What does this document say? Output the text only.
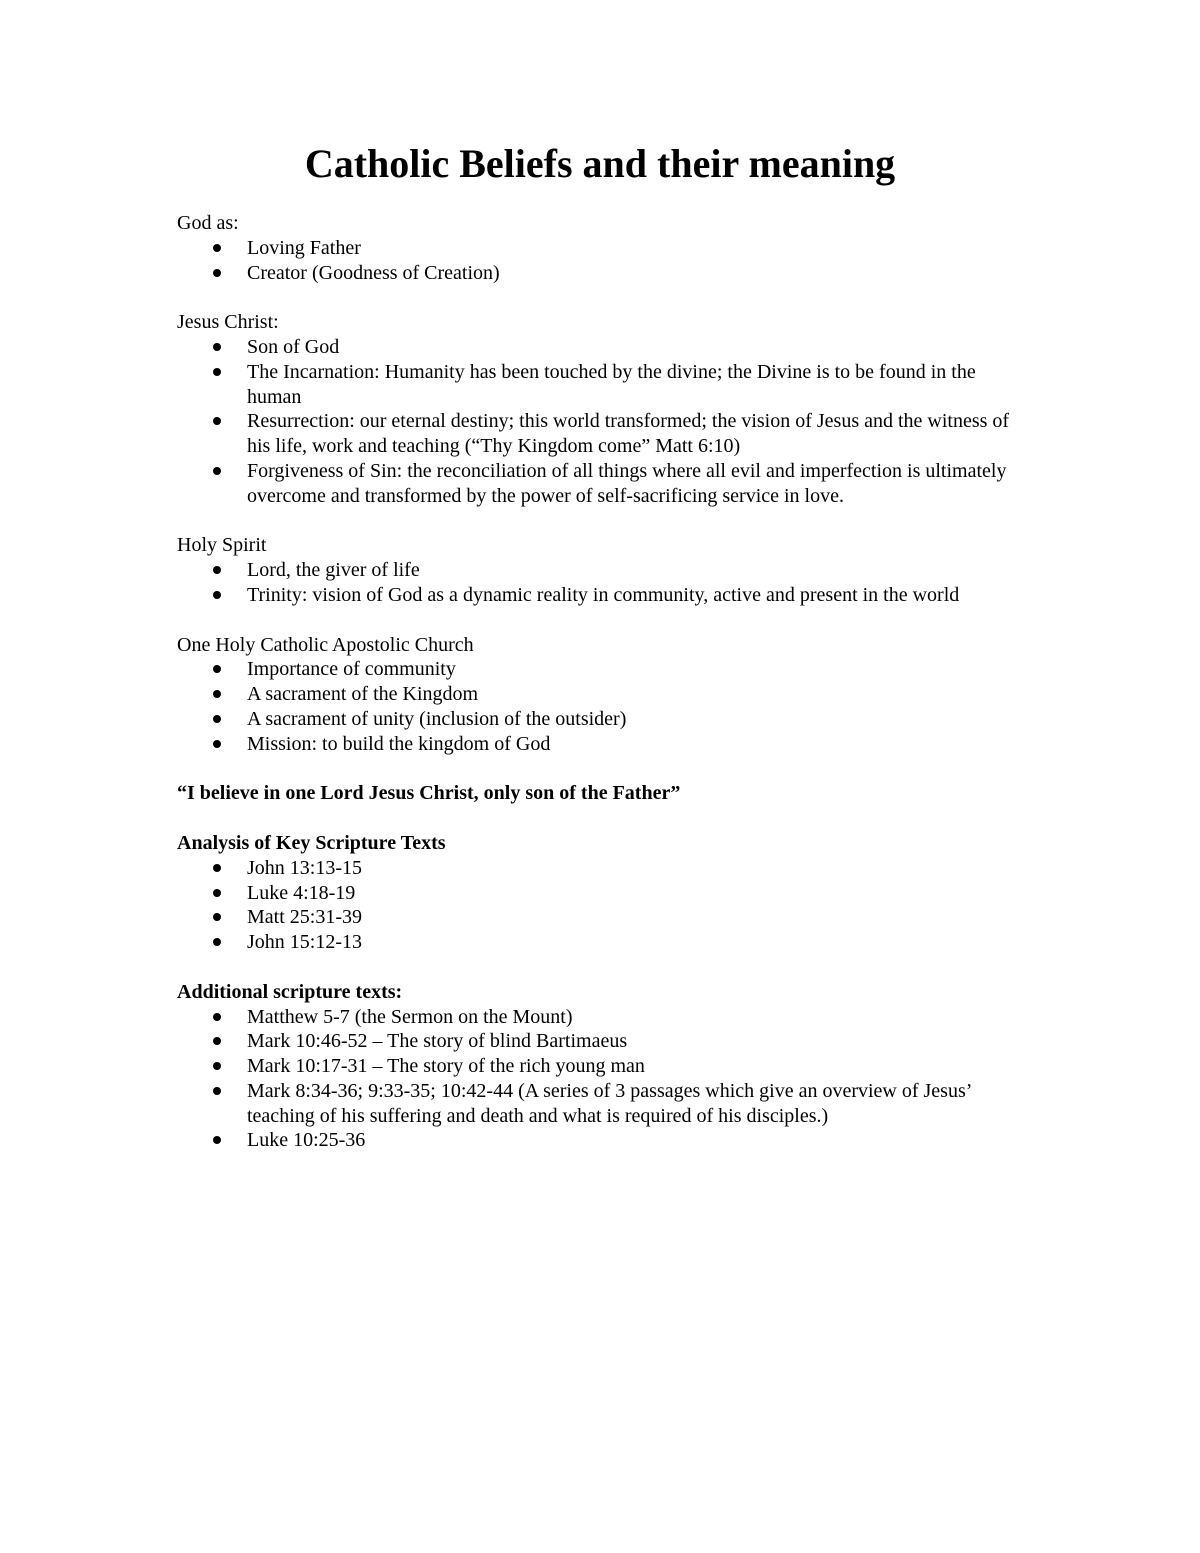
Catholic Beliefs and their meaning

God as:

Loving Father
Creator (Goodness of Creation)

Jesus Christ:

Son of God
The Incarnation: Humanity has been touched by the divine; the Divine is to be found in the human
Resurrection: our eternal destiny; this world transformed; the vision of Jesus and the witness of his life, work and teaching (“Thy Kingdom come” Matt 6:10)
Forgiveness of Sin: the reconciliation of all things where all evil and imperfection is ultimately overcome and transformed by the power of self-sacrificing service in love.

Holy Spirit

Lord, the giver of life
Trinity: vision of God as a dynamic reality in community, active and present in the world

One Holy Catholic Apostolic Church

Importance of community
A sacrament of the Kingdom
A sacrament of unity (inclusion of the outsider)
Mission: to build the kingdom of God

“I believe in one Lord Jesus Christ, only son of the Father”

Analysis of Key Scripture Texts

John 13:13-15
Luke 4:18-19
Matt 25:31-39
John 15:12-13

Additional scripture texts:

Matthew 5-7 (the Sermon on the Mount)
Mark 10:46-52 – The story of blind Bartimaeus
Mark 10:17-31 – The story of the rich young man
Mark 8:34-36; 9:33-35; 10:42-44 (A series of 3 passages which give an overview of Jesus’ teaching of his suffering and death and what is required of his disciples.)
Luke 10:25-36
